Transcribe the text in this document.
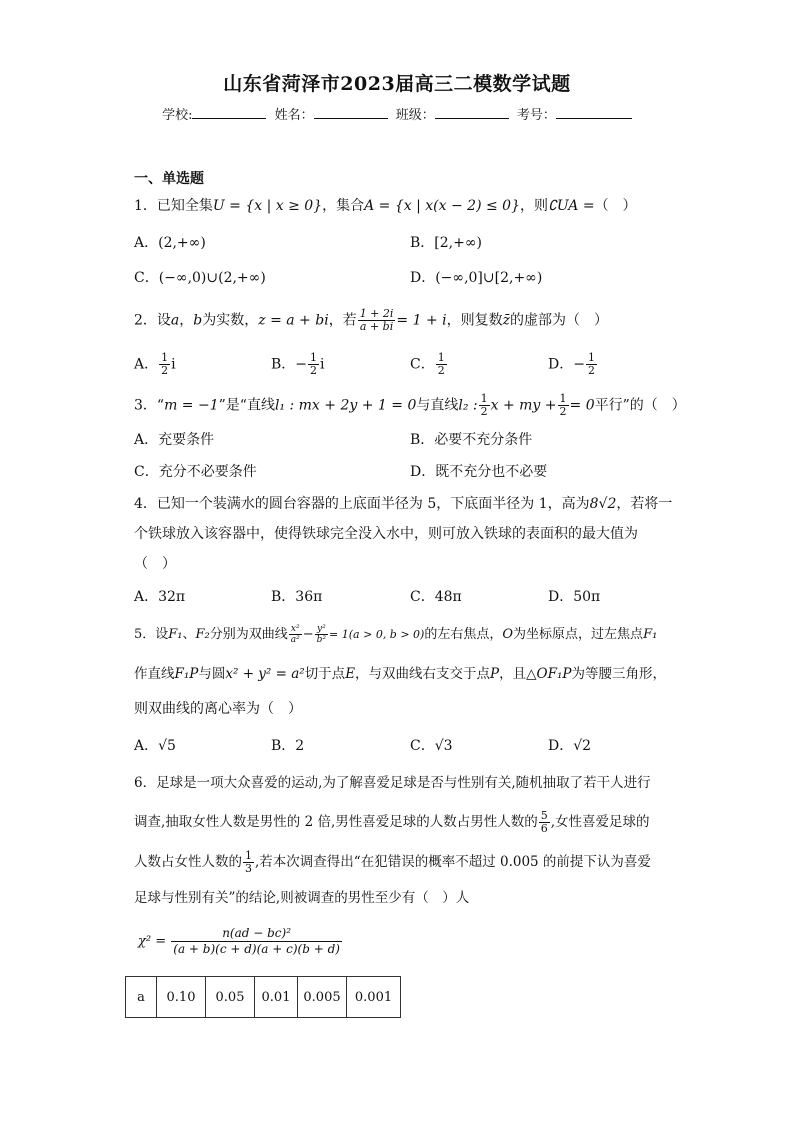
山东省菏泽市2023届高三二模数学试题
学校:	姓名：	班级：	考号：
一、单选题
1．已知全集U = {x | x ≥ 0}，集合A = {x | x(x − 2) ≤ 0}，则∁UA =（　）
A．(2,+∞)	B．[2,+∞)
C．(−∞,0)∪(2,+∞)	D．(−∞,0]∪[2,+∞)
2．设a，b为实数，z = a + bi，若 $\frac{1 + 2i}{a + bi} = 1 + i$，则复数z̄的虚部为（　）
A． $\frac{1}{2}$ i	B．− $\frac{1}{2}$ i	C． $\frac{1}{2}$	D．− $\frac{1}{2}$
3．“m = −1”是“直线l₁ : mx + 2y + 1 = 0与直线l₂ : $\frac{1}{2}$ x + my + $\frac{1}{2} = 0$平行”的（　）
A．充要条件	B．必要不充分条件
C．充分不必要条件	D．既不充分也不必要
4．已知一个装满水的圆台容器的上底面半径为 5，下底面半径为 1，高为8√2，若将一
个铁球放入该容器中，使得铁球完全没入水中，则可放入铁球的表面积的最大值为
（　）
A．32π	B．36π	C．48π	D．50π
5．设F₁、F₂分别为双曲线 $\frac{\text{x²}}{\text{a²}} - \frac{\text{y²}}{\text{b²}} = 1(a > 0$, b > 0)的左右焦点，O为坐标原点，过左焦点F₁
作直线F₁P与圆x² + y² = a²切于点E，与双曲线右支交于点P，且△OF₁P为等腰三角形，
则双曲线的离心率为（　）
A．√5	B．2	C．√3	D．√2
6．足球是一项大众喜爱的运动,为了解喜爱足球是否与性别有关,随机抽取了若干人进行
调查,抽取女性人数是男性的 2 倍,男性喜爱足球的人数占男性人数的 $\frac{5}{6}$ ,女性喜爱足球的
人数占女性人数的 $\frac{1}{3}$ ,若本次调查得出“在犯错误的概率不超过 0.005 的前提下认为喜爱
足球与性别有关”的结论,则被调查的男性至少有（　）人
$\chi^2 = \frac{\text{n(ad − bc)²}}{(a + b)(c + d)(a + c)(b + d)}$
a	0.10	0.05	0.01	0.005	0.001
